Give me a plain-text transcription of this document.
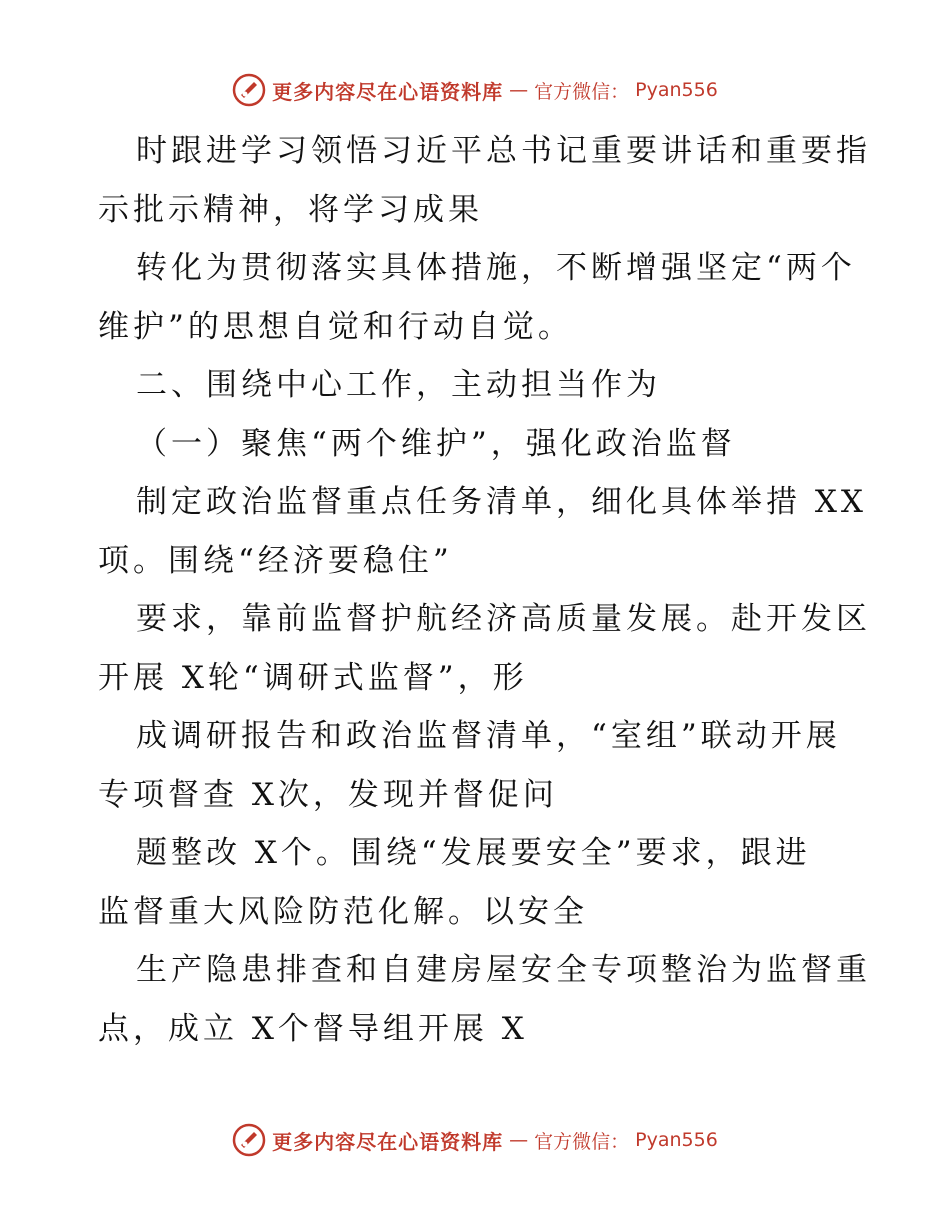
更多内容尽在心语资料库 — 官方微信： Pyan556
时跟进学习领悟习近平总书记重要讲话和重要指
示批示精神，将学习成果
转化为贯彻落实具体措施，不断增强坚定“两个
维护”的思想自觉和行动自觉。
二、围绕中心工作，主动担当作为
（一）聚焦“两个维护”，强化政治监督
制定政治监督重点任务清单，细化具体举措 XX
项。围绕“经济要稳住”
要求，靠前监督护航经济高质量发展。赴开发区
开展 X轮“调研式监督”，形
成调研报告和政治监督清单，“室组”联动开展
专项督查 X次，发现并督促问
题整改 X个。围绕“发展要安全”要求，跟进
监督重大风险防范化解。以安全
生产隐患排查和自建房屋安全专项整治为监督重
点，成立 X个督导组开展 X
更多内容尽在心语资料库 — 官方微信： Pyan556
